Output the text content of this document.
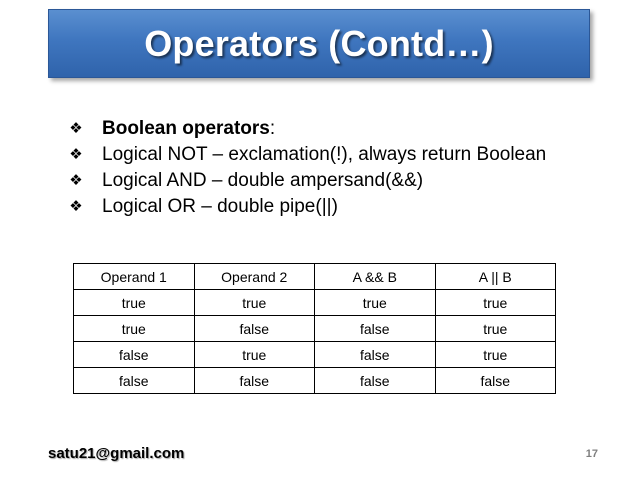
Operators (Contd…)
❖ Boolean operators :
❖ Logical NOT – exclamation(!), always return Boolean
❖ Logical AND – double ampersand(&&)
❖ Logical OR – double pipe(||)
Operand 1	Operand 2	A && B	A || B
true	true	true	true
true	false	false	true
false	true	false	true
false	false	false	false
satu21@gmail.com	17
